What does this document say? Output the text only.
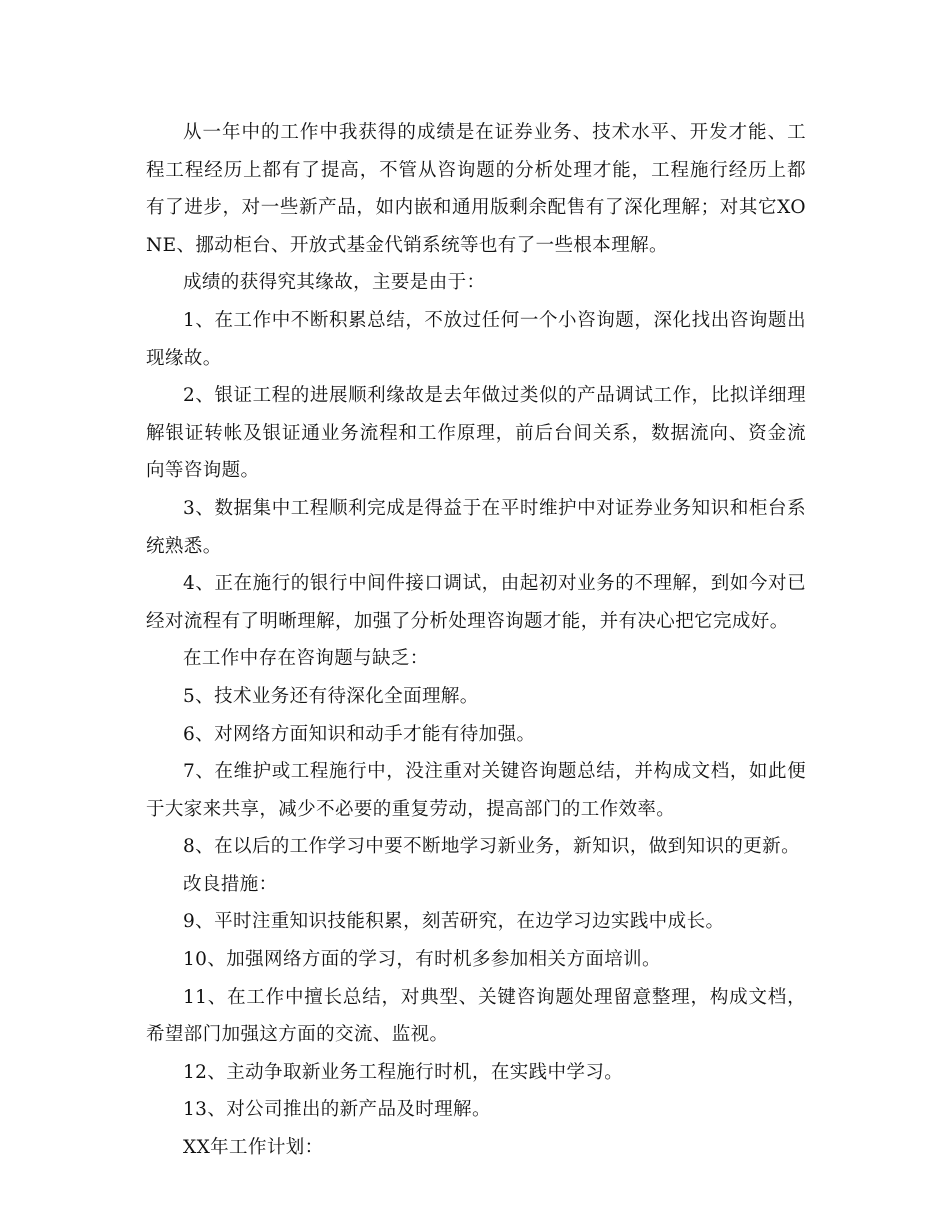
从一年中的工作中我获得的成绩是在证券业务、技术水平、开发才能、工程工程经历上都有了提高，不管从咨询题的分析处理才能，工程施行经历上都有了进步，对一些新产品，如内嵌和通用版剩余配售有了深化理解；对其它XONE、挪动柜台、开放式基金代销系统等也有了一些根本理解。

成绩的获得究其缘故，主要是由于：

1、在工作中不断积累总结，不放过任何一个小咨询题，深化找出咨询题出现缘故。

2、银证工程的进展顺利缘故是去年做过类似的产品调试工作，比拟详细理解银证转帐及银证通业务流程和工作原理，前后台间关系，数据流向、资金流向等咨询题。

3、数据集中工程顺利完成是得益于在平时维护中对证券业务知识和柜台系统熟悉。

4、正在施行的银行中间件接口调试，由起初对业务的不理解，到如今对已经对流程有了明晰理解，加强了分析处理咨询题才能，并有决心把它完成好。

在工作中存在咨询题与缺乏：

5、技术业务还有待深化全面理解。

6、对网络方面知识和动手才能有待加强。

7、在维护或工程施行中，没注重对关键咨询题总结，并构成文档，如此便于大家来共享，减少不必要的重复劳动，提高部门的工作效率。

8、在以后的工作学习中要不断地学习新业务，新知识，做到知识的更新。

改良措施：

9、平时注重知识技能积累，刻苦研究，在边学习边实践中成长。

10、加强网络方面的学习，有时机多参加相关方面培训。

11、在工作中擅长总结，对典型、关键咨询题处理留意整理，构成文档，希望部门加强这方面的交流、监视。

12、主动争取新业务工程施行时机，在实践中学习。

13、对公司推出的新产品及时理解。

XX年工作计划：
